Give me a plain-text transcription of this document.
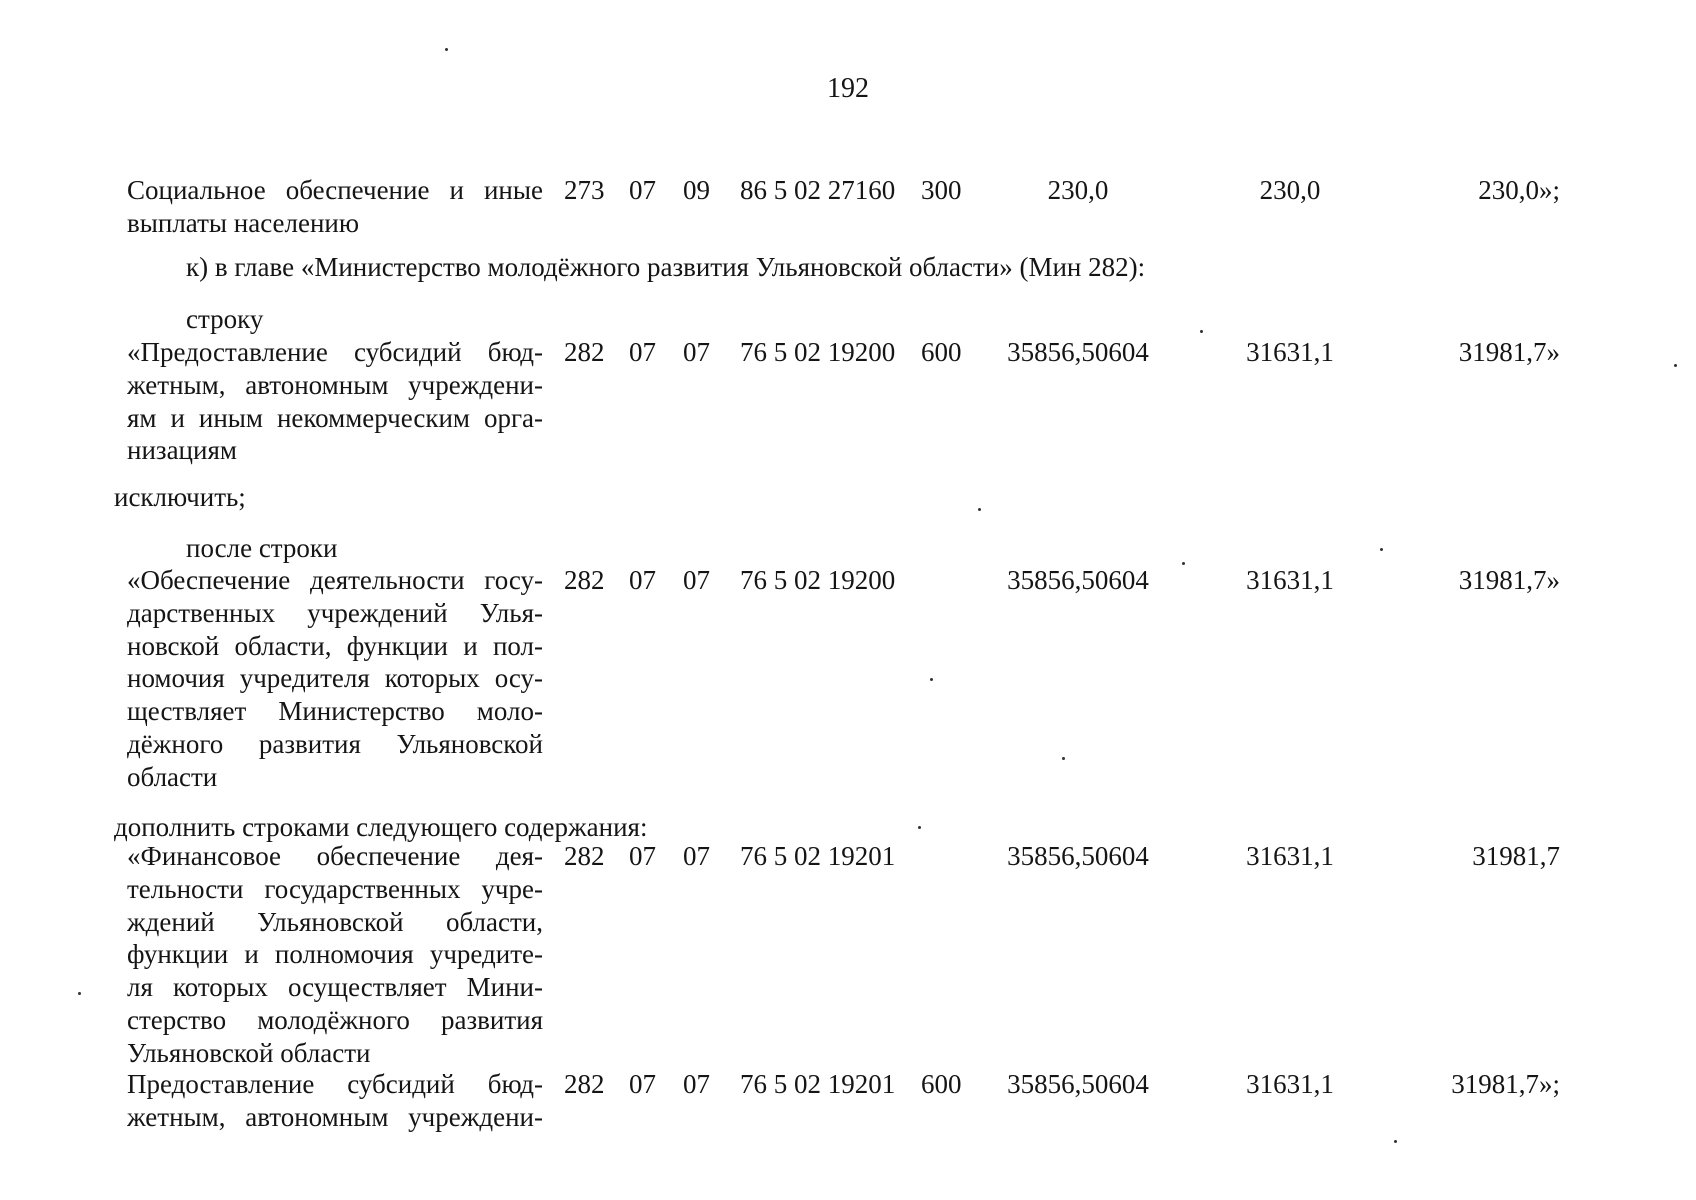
192
к) в главе «Министерство молодёжного развития Ульяновской области» (Мин 282):
строку
исключить;
после строки
дополнить строками следующего содержания:
Социальное обеспечение и иные
выплаты населению
273 07 09 86 5 02 27160 300	230,0	230,0	230,0»;
«Предоставление субсидий бюд-
жетным, автономным учреждени-
ям и иным некоммерческим орга-
низациям
282 07 07 76 5 02 19200 600	35856,50604	31631,1	31981,7»
«Обеспечение деятельности госу-
дарственных учреждений Улья-
новской области, функции и пол-
номочия учредителя которых осу-
ществляет Министерство моло-
дёжного развития Ульяновской
области
282 07 07 76 5 02 19200	35856,50604	31631,1	31981,7»
«Финансовое обеспечение дея-
тельности государственных учре-
ждений Ульяновской области,
функции и полномочия учредите-
ля которых осуществляет Мини-
стерство молодёжного развития
Ульяновской области
282 07 07 76 5 02 19201	35856,50604	31631,1	31981,7
Предоставление субсидий бюд-
жетным, автономным учреждени-
282 07 07 76 5 02 19201 600	35856,50604	31631,1	31981,7»;
